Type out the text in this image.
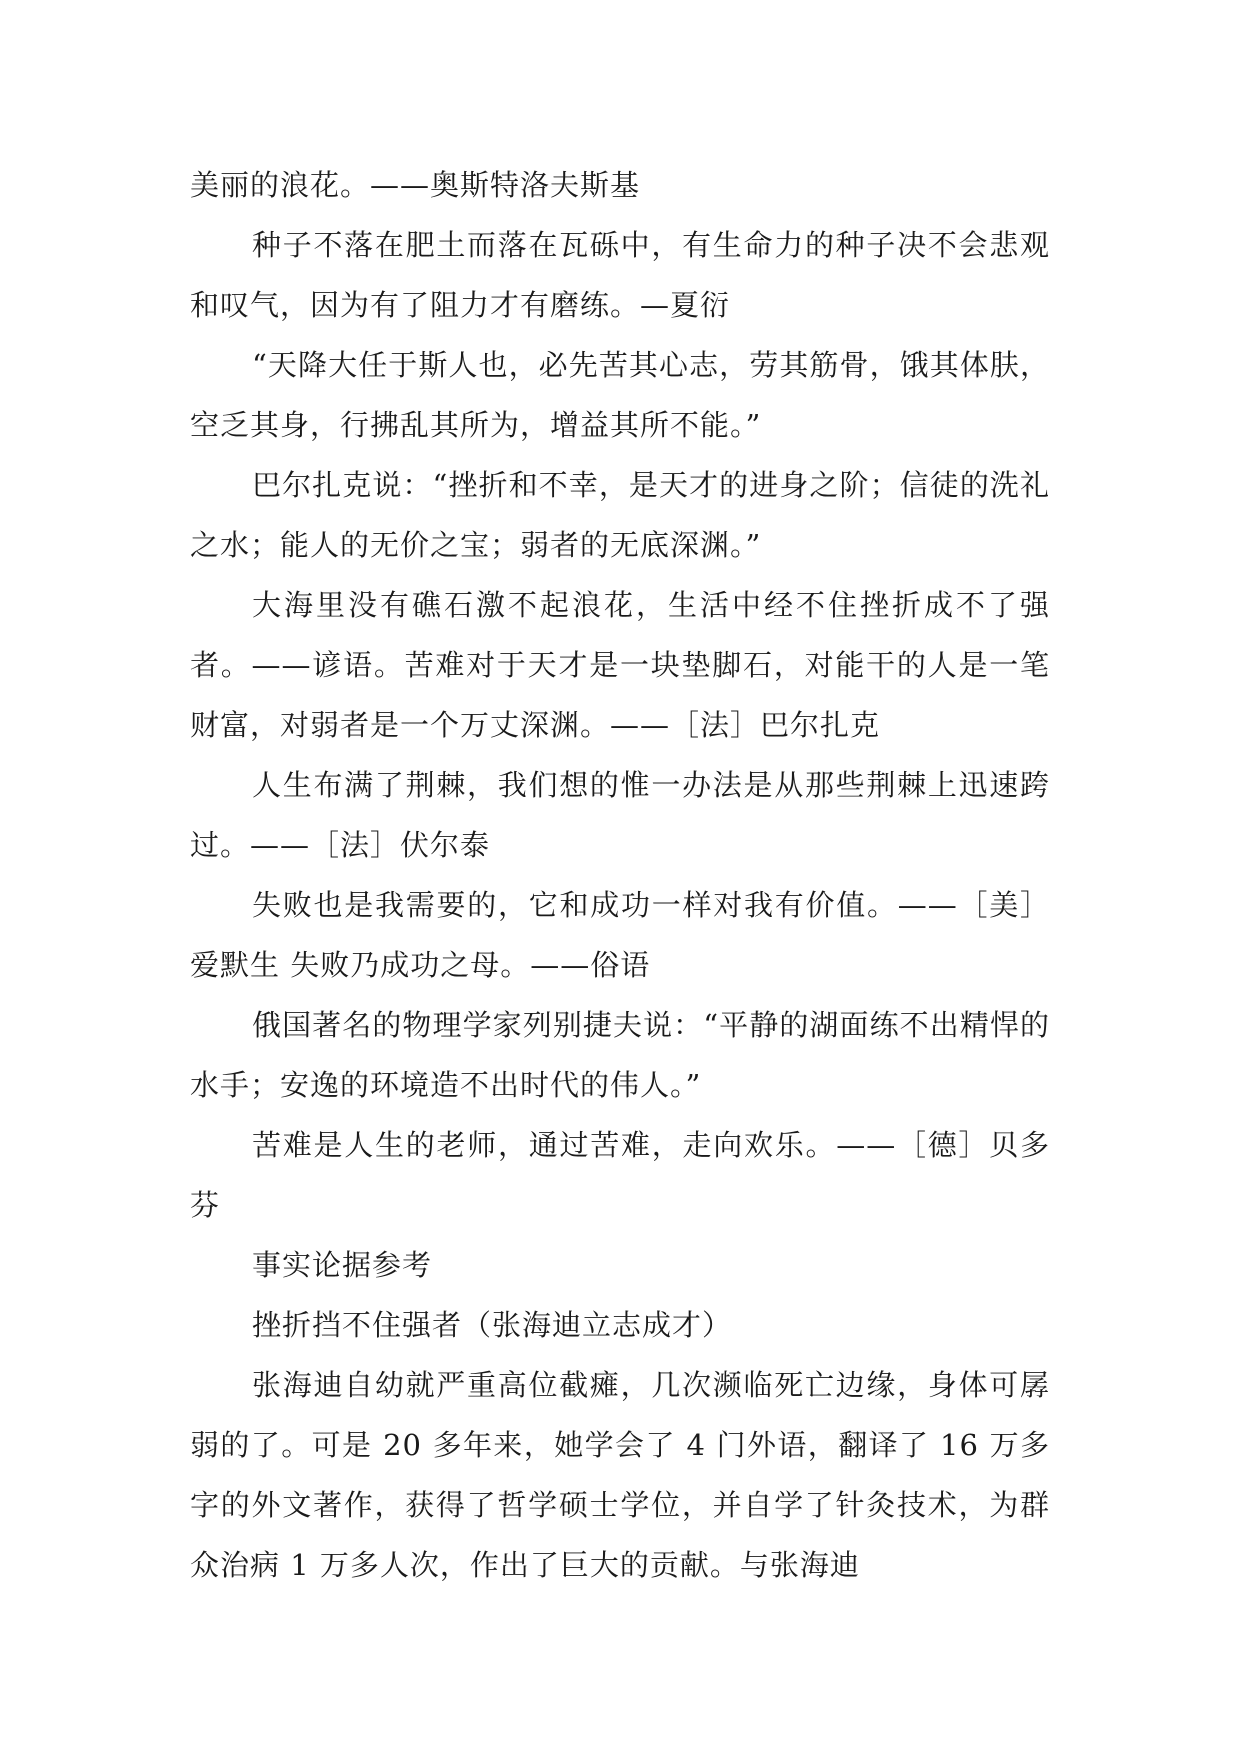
美丽的浪花。——奥斯特洛夫斯基

种子不落在肥土而落在瓦砾中，有生命力的种子决不会悲观和叹气，因为有了阻力才有磨练。—夏衍

“天降大任于斯人也，必先苦其心志，劳其筋骨，饿其体肤，空乏其身，行拂乱其所为，增益其所不能。”

巴尔扎克说：“挫折和不幸，是天才的进身之阶；信徒的洗礼之水；能人的无价之宝；弱者的无底深渊。”

大海里没有礁石激不起浪花，生活中经不住挫折成不了强者。——谚语。苦难对于天才是一块垫脚石，对能干的人是一笔财富，对弱者是一个万丈深渊。——［法］巴尔扎克

人生布满了荆棘，我们想的惟一办法是从那些荆棘上迅速跨过。——［法］伏尔泰

失败也是我需要的，它和成功一样对我有价值。——［美］爱默生 失败乃成功之母。——俗语

俄国著名的物理学家列别捷夫说：“平静的湖面练不出精悍的水手；安逸的环境造不出时代的伟人。”

苦难是人生的老师，通过苦难，走向欢乐。——［德］贝多芬

事实论据参考

挫折挡不住强者（张海迪立志成才）

张海迪自幼就严重高位截瘫，几次濒临死亡边缘，身体可孱弱的了。可是 20 多年来，她学会了 4 门外语，翻译了 16 万多字的外文著作，获得了哲学硕士学位，并自学了针灸技术，为群众治病 1 万多人次，作出了巨大的贡献。与张海迪
